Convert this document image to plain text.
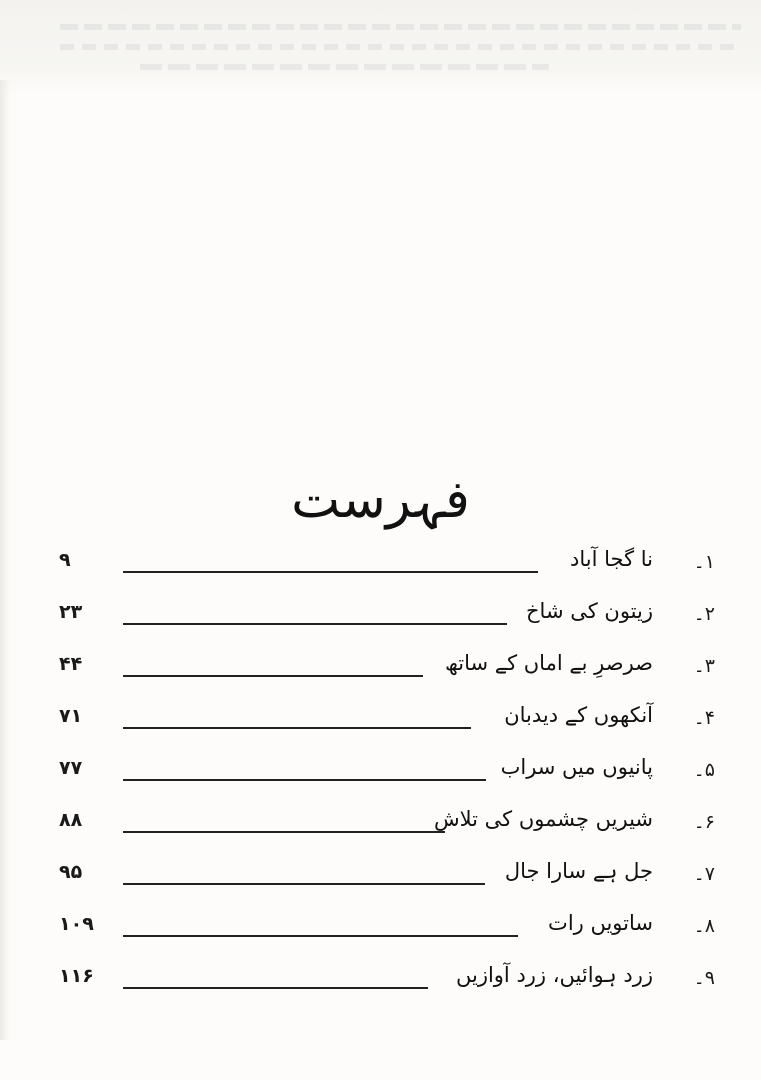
فہرست
۱۔
نا گجا آباد
۹
۲۔
زیتون کی شاخ
۲۳
۳۔
صرصرِ بے اماں کے ساتھ
۴۴
۴۔
آنکھوں کے دیدبان
۷۱
۵۔
پانیوں میں سراب
۷۷
۶۔
شیریں چشموں کی تلاش
۸۸
۷۔
جل ہے سارا جال
۹۵
۸۔
ساتویں رات
۱۰۹
۹۔
زرد ہوائیں، زرد آوازیں
۱۱۶
